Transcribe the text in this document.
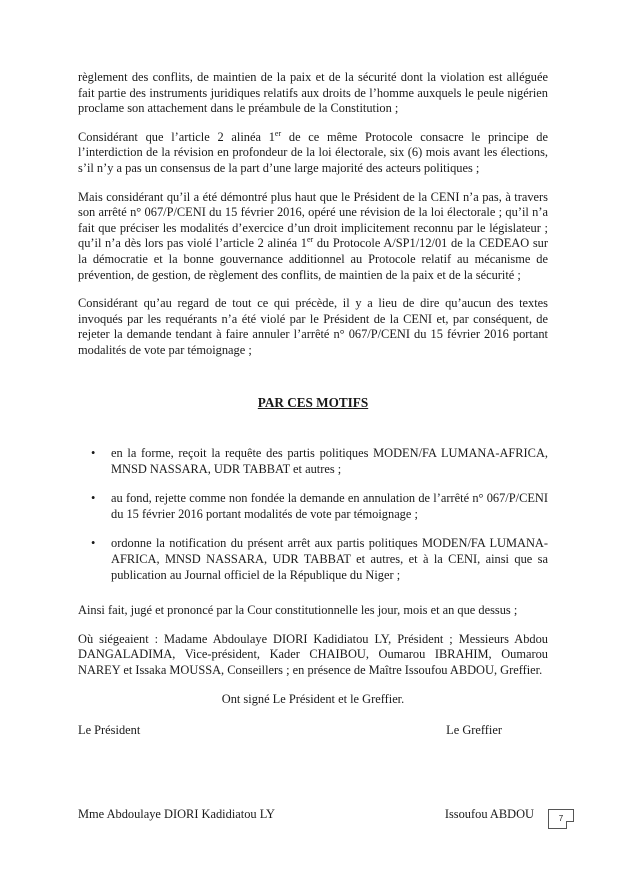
règlement des conflits, de maintien de la paix et de la sécurité dont la violation est alléguée fait partie des instruments juridiques relatifs aux droits de l’homme auxquels le peule nigérien proclame son attachement dans le préambule de la Constitution ;

Considérant que l’article 2 alinéa 1er de ce même Protocole consacre le principe de l’interdiction de la révision en profondeur de la loi électorale, six (6) mois avant les élections, s’il n’y a pas un consensus de la part d’une large majorité des acteurs politiques ;

Mais considérant qu’il a été démontré plus haut que le Président de la CENI n’a pas, à travers son arrêté n° 067/P/CENI du 15 février 2016, opéré une révision de la loi électorale ; qu’il n’a fait que préciser les modalités d’exercice d’un droit implicitement reconnu par le législateur ; qu’il n’a dès lors pas violé l’article 2 alinéa 1er du Protocole A/SP1/12/01 de la CEDEAO sur la démocratie et la bonne gouvernance additionnel au Protocole relatif au mécanisme de prévention, de gestion, de règlement des conflits, de maintien de la paix et de la sécurité ;

Considérant qu’au regard de tout ce qui précède, il y a lieu de dire qu’aucun des textes invoqués par les requérants n’a été violé par le Président de la CENI et, par conséquent, de rejeter la demande tendant à faire annuler l’arrêté n° 067/P/CENI du 15 février 2016 portant modalités de vote par témoignage ;

PAR CES MOTIFS
• en la forme, reçoit la requête des partis politiques MODEN/FA LUMANA-AFRICA, MNSD NASSARA, UDR TABBAT et autres ;
• au fond, rejette comme non fondée la demande en annulation de l’arrêté n° 067/P/CENI du 15 février 2016 portant modalités de vote par témoignage ;
• ordonne la notification du présent arrêt aux partis politiques MODEN/FA LUMANA-AFRICA, MNSD NASSARA, UDR TABBAT et autres, et à la CENI, ainsi que sa publication au Journal officiel de la République du Niger ;

Ainsi fait, jugé et prononcé par la Cour constitutionnelle les jour, mois et an que dessus ;

Où siégeaient : Madame Abdoulaye DIORI Kadidiatou LY, Président ; Messieurs Abdou DANGALADIMA, Vice-président, Kader CHAIBOU, Oumarou IBRAHIM, Oumarou NAREY et Issaka MOUSSA, Conseillers ; en présence de Maître Issoufou ABDOU, Greffier.

Ont signé Le Président et le Greffier.
Le Président	Le Greffier
Mme Abdoulaye DIORI Kadidiatou LY	Issoufou ABDOU	7
